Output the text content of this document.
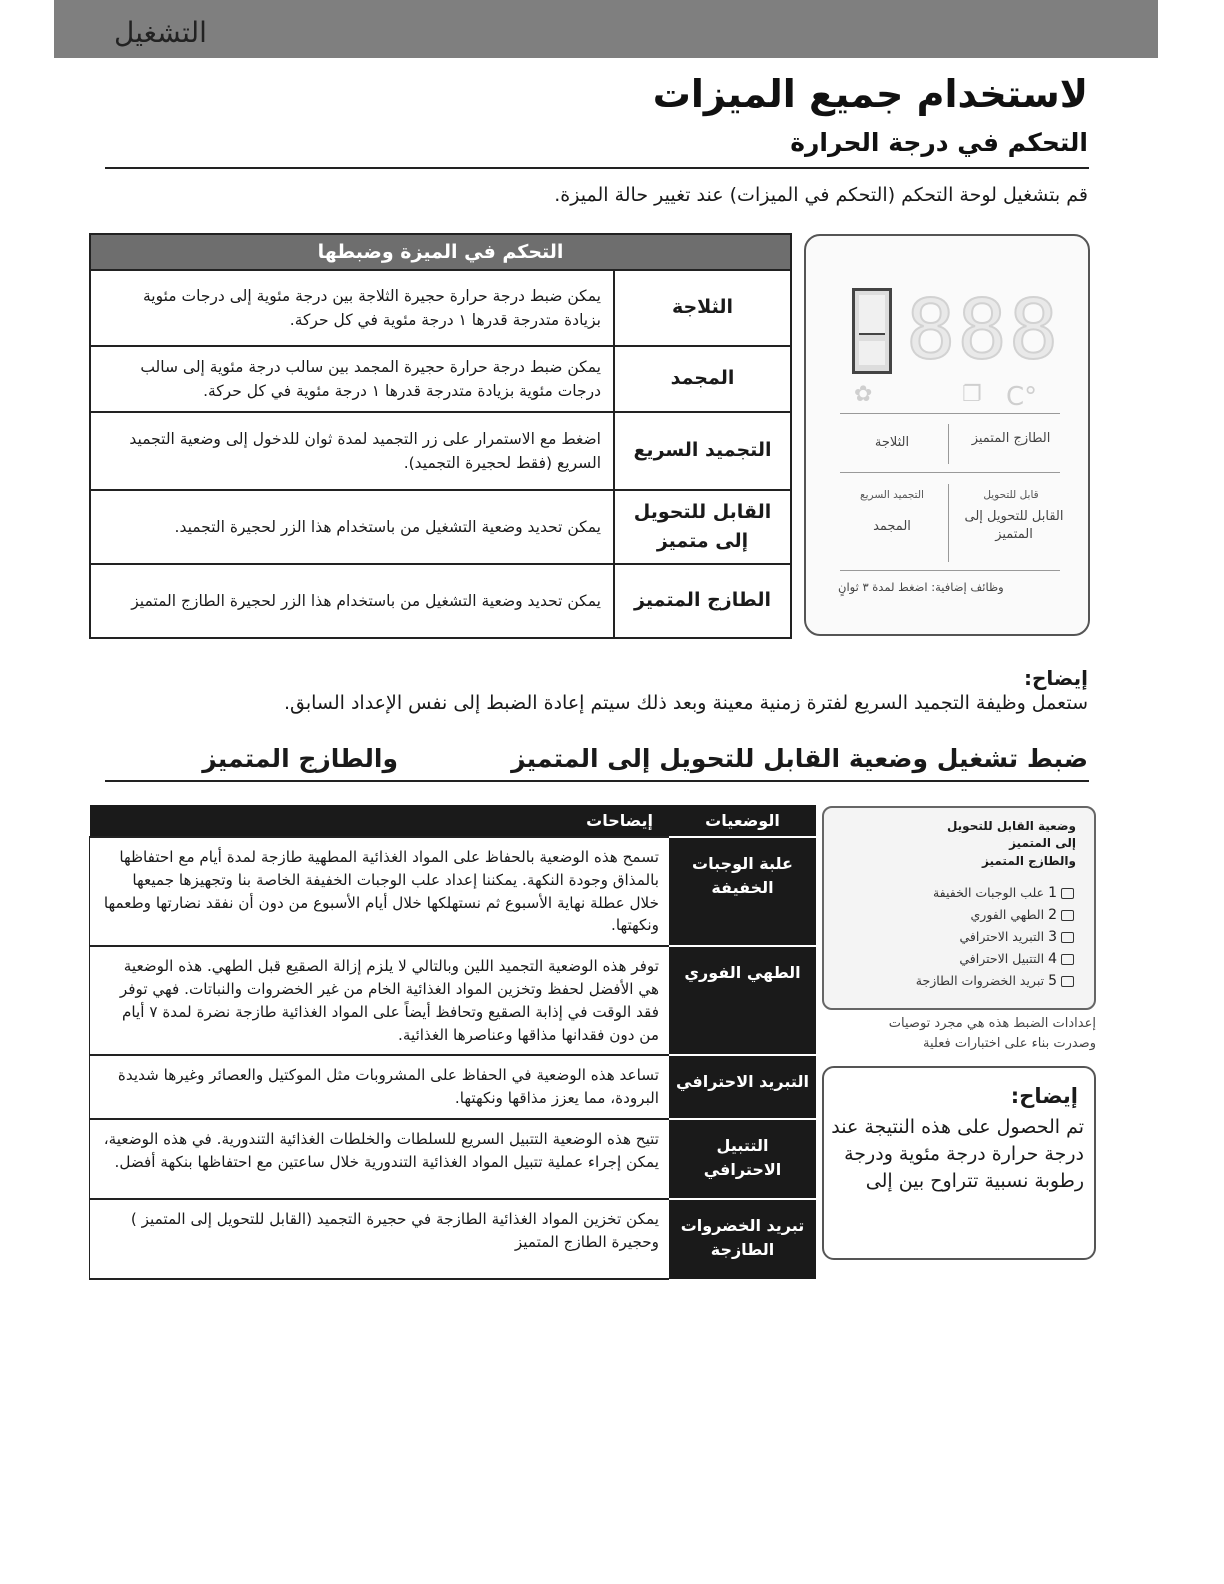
التشغيل
لاستخدام جميع الميزات
التحكم في درجة الحرارة
قم بتشغيل لوحة التحكم (التحكم في الميزات) عند تغيير حالة الميزة.
التحكم في الميزة وضبطها	
الثلاجة	يمكن ضبط درجة حرارة حجيرة الثلاجة بين درجة مئوية إلى درجات مئوية بزيادة متدرجة قدرها ١ درجة مئوية في كل حركة.
المجمد	يمكن ضبط درجة حرارة حجيرة المجمد بين سالب درجة مئوية إلى سالب درجات مئوية بزيادة متدرجة قدرها ١ درجة مئوية في كل حركة.
التجميد السريع	اضغط مع الاستمرار على زر التجميد لمدة ثوان للدخول إلى وضعية التجميد السريع (فقط لحجيرة التجميد).
القابل للتحويل إلى متميز	يمكن تحديد وضعية التشغيل من باستخدام هذا الزر لحجيرة التجميد.
الطازج المتميز	يمكن تحديد وضعية التشغيل من باستخدام هذا الزر لحجيرة الطازج المتميز
888
✿	❐ °C
الثلاجة	الطازج المتميز
التجميد السريع	قابل للتحويل
المجمد
القابل للتحويل إلى المتميز
وظائف إضافية: اضغط لمدة ٣ ثوانٍ
إيضاح:
ستعمل وظيفة التجميد السريع لفترة زمنية معينة وبعد ذلك سيتم إعادة الضبط إلى نفس الإعداد السابق.
ضبط تشغيل وضعية القابل للتحويل إلى المتميز
والطازج المتميز
الوضعيات	إيضاحات
علبة الوجبات الخفيفة	تسمح هذه الوضعية بالحفاظ على المواد الغذائية المطهية طازجة لمدة أيام مع احتفاظها بالمذاق وجودة النكهة. يمكننا إعداد علب الوجبات الخفيفة الخاصة بنا وتجهيزها جميعها خلال عطلة نهاية الأسبوع ثم نستهلكها خلال أيام الأسبوع من دون أن نفقد نضارتها وطعمها ونكهتها.
الطهي الفوري	توفر هذه الوضعية التجميد اللين وبالتالي لا يلزم إزالة الصقيع قبل الطهي. هذه الوضعية هي الأفضل لحفظ وتخزين المواد الغذائية الخام من غير الخضروات والنباتات. فهي توفر فقد الوقت في إذابة الصقيع وتحافظ أيضاً على المواد الغذائية طازجة نضرة لمدة ٧ أيام من دون فقدانها مذاقها وعناصرها الغذائية.
التبريد الاحترافي	تساعد هذه الوضعية في الحفاظ على المشروبات مثل الموكتيل والعصائر وغيرها شديدة البرودة، مما يعزز مذاقها ونكهتها.
التتبيل الاحترافي	تتيح هذه الوضعية التتبيل السريع للسلطات والخلطات الغذائية التندورية. في هذه الوضعية، يمكن إجراء عملية تتبيل المواد الغذائية التندورية خلال ساعتين مع احتفاظها بنكهة أفضل.
تبريد الخضروات الطازجة	يمكن تخزين المواد الغذائية الطازجة في حجيرة التجميد (القابل للتحويل إلى المتميز ) وحجيرة الطازج المتميز
وضعية القابل للتحويل
إلى المتميز
والطازج المتميز
1علب الوجبات الخفيفة
2الطهي الفوري
3التبريد الاحترافي
4التتبيل الاحترافي
5تبريد الخضروات الطازجة
إعدادات الضبط هذه هي مجرد توصيات
وصدرت بناء على اختبارات فعلية
إيضاح:
تم الحصول على هذه النتيجة عند درجة حرارة درجة مئوية ودرجة رطوبة نسبية تتراوح بين إلى
